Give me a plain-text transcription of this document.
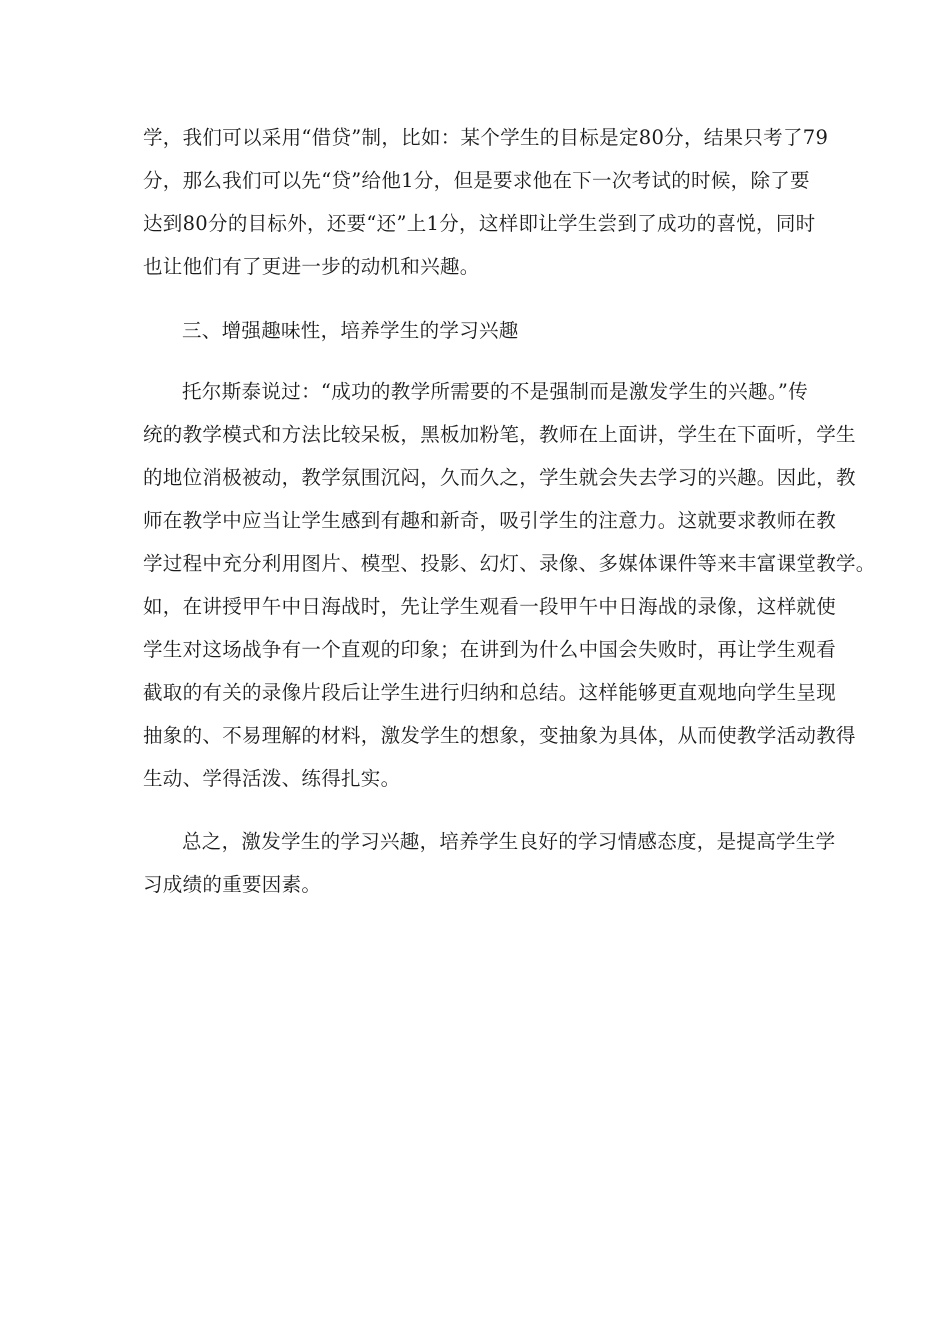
学，我们可以采用“借贷”制，比如：某个学生的目标是定80分，结果只考了79
分，那么我们可以先“贷”给他1分，但是要求他在下一次考试的时候，除了要
达到80分的目标外，还要“还”上1分，这样即让学生尝到了成功的喜悦，同时
也让他们有了更进一步的动机和兴趣。
三、增强趣味性，培养学生的学习兴趣
托尔斯泰说过：“成功的教学所需要的不是强制而是激发学生的兴趣。”传
统的教学模式和方法比较呆板，黑板加粉笔，教师在上面讲，学生在下面听，学生
的地位消极被动，教学氛围沉闷，久而久之，学生就会失去学习的兴趣。因此，教
师在教学中应当让学生感到有趣和新奇，吸引学生的注意力。这就要求教师在教
学过程中充分利用图片、模型、投影、幻灯、录像、多媒体课件等来丰富课堂教学。
如，在讲授甲午中日海战时，先让学生观看一段甲午中日海战的录像，这样就使
学生对这场战争有一个直观的印象；在讲到为什么中国会失败时，再让学生观看
截取的有关的录像片段后让学生进行归纳和总结。这样能够更直观地向学生呈现
抽象的、不易理解的材料，激发学生的想象，变抽象为具体，从而使教学活动教得
生动、学得活泼、练得扎实。
总之，激发学生的学习兴趣，培养学生良好的学习情感态度，是提高学生学
习成绩的重要因素。
